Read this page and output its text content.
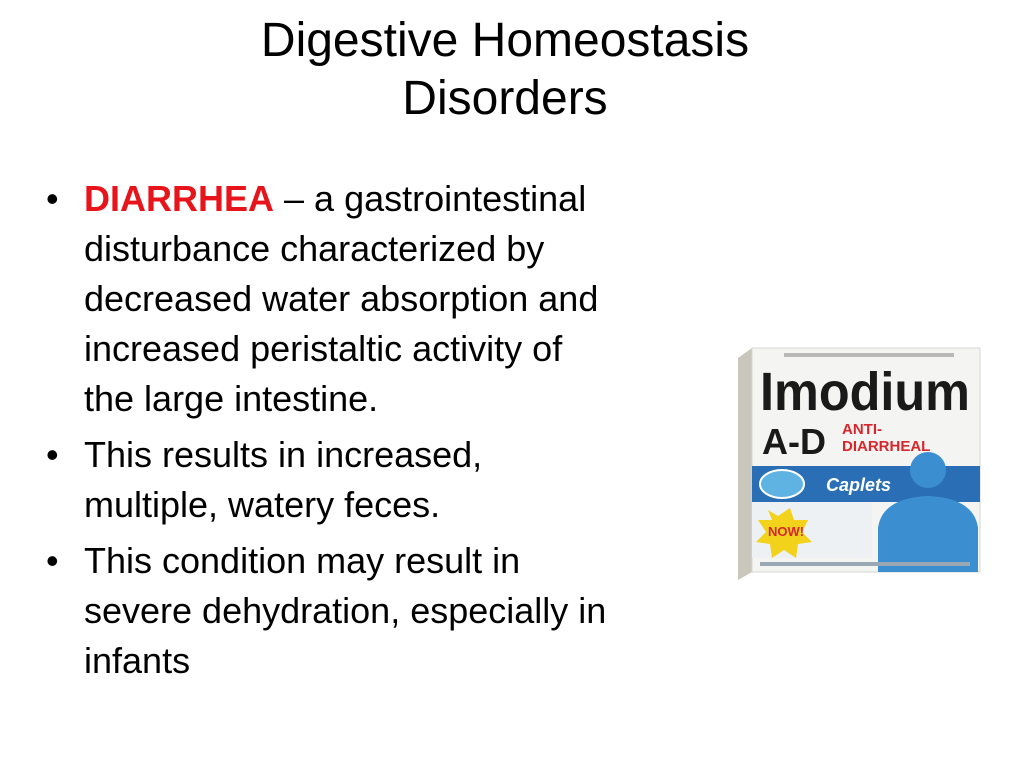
Digestive Homeostasis
Disorders
• DIARRHEA – a gastrointestinal
disturbance characterized by
decreased water absorption and
increased peristaltic activity of
the large intestine.
• This results in increased,
multiple, watery feces.
• This condition may result in
severe dehydration, especially in
infants
Imodium
A-D ANTI-
DIARRHEAL
Caplets
NOW!
